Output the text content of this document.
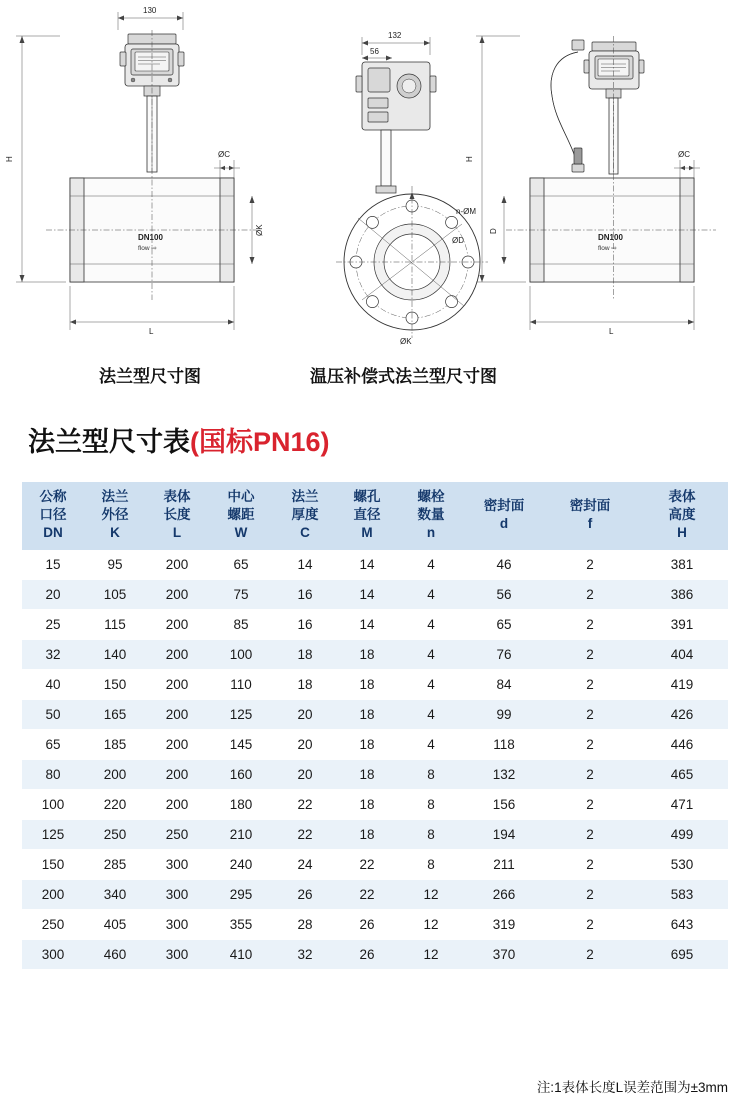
130
DN100
flow ⇨
H
L
ØC
ØK
132
56
n-ØM
ØD
ØK
DN100
flow ⇨
H
D
L
ØC
法兰型尺寸图	温压补偿式法兰型尺寸图
法兰型尺寸表(国标PN16)
公称
口径
DN	法兰
外径
K	表体
长度
L	中心
螺距
W	法兰
厚度
C	螺孔
直径
M	螺栓
数量
n	密封面
d	密封面
f	表体
高度
H

15	95	200	65	14	14	4	46	2	381
20	105	200	75	16	14	4	56	2	386
25	115	200	85	16	14	4	65	2	391
32	140	200	100	18	18	4	76	2	404
40	150	200	110	18	18	4	84	2	419
50	165	200	125	20	18	4	99	2	426
65	185	200	145	20	18	4	118	2	446
80	200	200	160	20	18	8	132	2	465
100	220	200	180	22	18	8	156	2	471
125	250	250	210	22	18	8	194	2	499
150	285	300	240	24	22	8	211	2	530
200	340	300	295	26	22	12	266	2	583
250	405	300	355	28	26	12	319	2	643
300	460	300	410	32	26	12	370	2	695
注:1表体长度L误差范围为±3mm
